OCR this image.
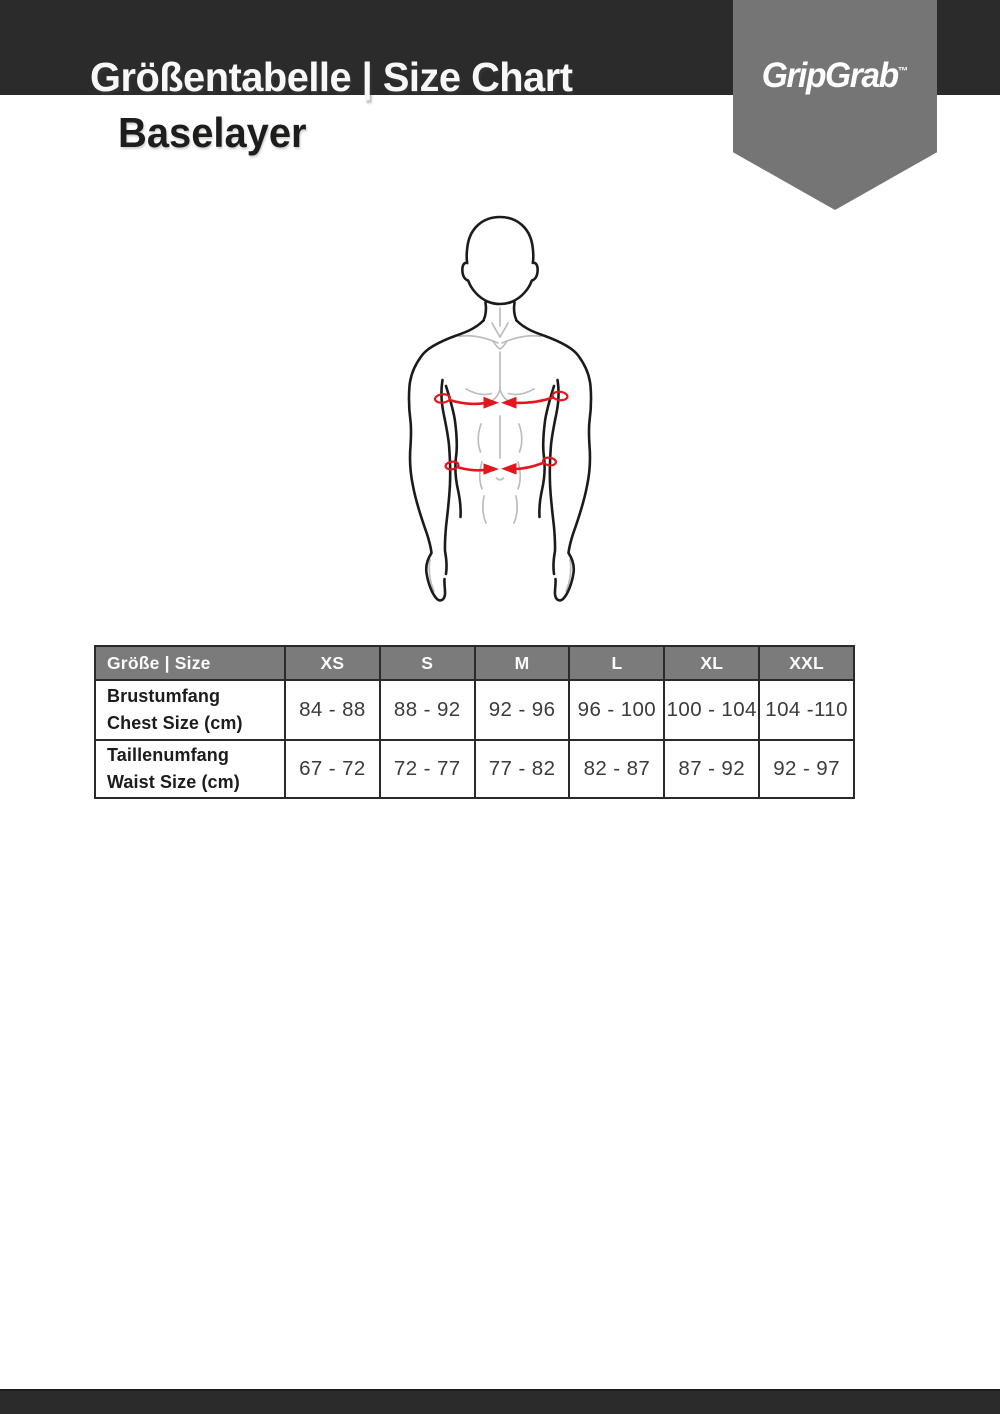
Größentabelle | Size Chart
Baselayer
GripGrab™
Größe | Size	XS	S	M	L	XL	XXL
Brustumfang
Chest Size (cm)	84 - 88	88 - 92	92 - 96	96 - 100	100 - 104	104 -110
Taillenumfang
Waist Size (cm)	67 - 72	72 - 77	77 - 82	82 - 87	87 - 92	92 - 97
